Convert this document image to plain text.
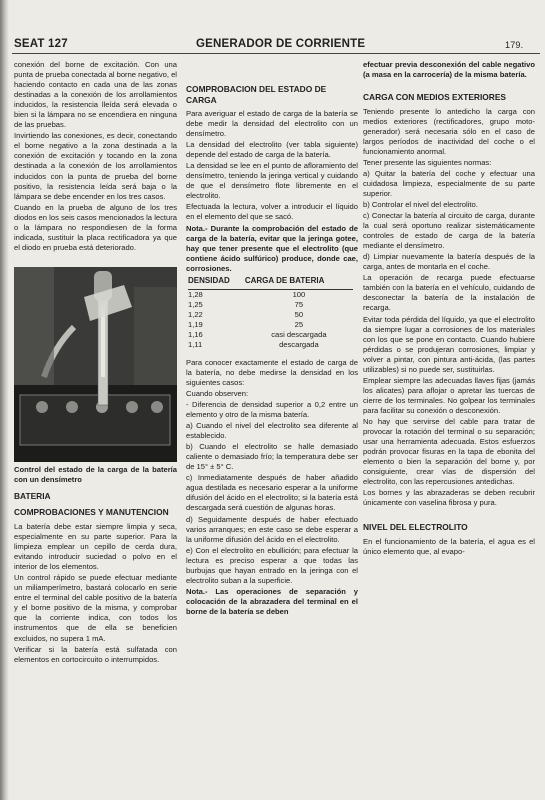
SEAT 127	GENERADOR DE CORRIENTE	179.

conexión del borne de excitación. Con una punta de prueba conectada al borne negativo, el haciendo contacto en cada una de las zonas destinadas a la conexión de los arrollamientos inducidos, la resistencia lleída será elevada o bien si la lámpara no se encendiera en ninguna de las pruebas.

Invirtiendo las conexiones, es decir, conectando el borne negativo a la zona destinada a la conexión de excitación y tocando en la zona destinada a la conexión de los arrollamientos inducidos con la punta de prueba del borne positivo, la resistencia leída será baja o la lámpara se debe encender en los tres casos.

Cuando en la prueba de alguno de los tres diodos en los seis casos mencionados la lectura o la lámpara no respondiesen de la forma indicada, sustituir la placa rectificadora ya que el diodo en prueba está deteriorado.

Control del estado de la carga de la batería con un densímetro

BATERIA
COMPROBACIONES Y MANUTENCION

La batería debe estar siempre limpia y seca, especialmente en su parte superior. Para la limpieza emplear un cepillo de cerda dura, evitando introducir suciedad o polvo en el interior de los elementos.

Un control rápido se puede efectuar mediante un miliamperímetro, bastará colocarlo en serie entre el terminal del cable positivo de la batería y el borne positivo de la misma, y comprobar que la corriente indica, con todos los instrumentos que de ella se beneficien excluidos, no supera 1 mA.

Verificar si la batería está sulfatada con elementos en cortocircuito o interrumpidos.

COMPROBACION DEL ESTADO DE CARGA

Para averiguar el estado de carga de la batería se debe medir la densidad del electrolito con un densímetro.

La densidad del electrolito (ver tabla siguiente) depende del estado de carga de la batería.

La densidad se lee en el punto de afloramiento del densímetro, teniendo la jeringa vertical y cuidando de que el densímetro flote libremente en el electrolito.

Efectuada la lectura, volver a introducir el líquido en el elemento del que se sacó.

Nota.- Durante la comprobación del estado de carga de la batería, evitar que la jeringa gotee, hay que tener presente que el electrolito (que contiene ácido sulfúrico) produce, donde cae, corrosiones.

DENSIDAD	CARGA DE BATERIA
1,28	100
1,25	75
1,22	50
1,19	25
1,16	casi descargada
1,11	descargada

Para conocer exactamente el estado de carga de la batería, no debe medirse la densidad en los siguientes casos:

Cuando observen:

- Diferencia de densidad superior a 0,2 entre un elemento y otro de la misma batería.
a) Cuando el nivel del electrolito sea diferente al establecido.
b) Cuando el electrolito se halle demasiado caliente o demasiado frío; la temperatura debe ser de 15° ± 5° C.
c) Inmediatamente después de haber añadido agua destilada es necesario esperar a la uniforme difusión del ácido en el electrolito; si la batería está descargada será cuestión de algunas horas.
d) Seguidamente después de haber efectuado varios arranques; en este caso se debe esperar a la uniforme difusión del ácido en el electrolito.
e) Con el electrolito en ebullición; para efectuar la lectura es preciso esperar a que todas las burbujas que hayan entrado en la jeringa con el electrolito suban a la superficie.

Nota.- Las operaciones de separación y colocación de la abrazadera del terminal en el borne de la batería se deben

efectuar previa desconexión del cable negativo (a masa en la carrocería) de la misma batería.

CARGA CON MEDIOS EXTERIORES

Teniendo presente lo antedicho la carga con medios exteriores (rectificadores, grupo moto-generador) será necesaria sólo en el caso de largos períodos de inactividad del coche o el funcionamiento anormal.

Tener presente las siguientes normas:

a) Quitar la batería del coche y efectuar una cuidadosa limpieza, especialmente de su parte superior.
b) Controlar el nivel del electrolito.
c) Conectar la batería al circuito de carga, durante la cual será oportuno realizar sistemáticamente controles de estado de carga de la batería mediante el densímetro.
d) Limpiar nuevamente la batería después de la carga, antes de montarla en el coche.

La operación de recarga puede efectuarse también con la batería en el vehículo, cuidando de desconectar la batería de la instalación de recarga.

Evitar toda pérdida del líquido, ya que el electrolito da siempre lugar a corrosiones de los materiales con los que se pone en contacto. Cuando hubiere pérdidas o se produjeran corrosiones, limpiar y volver a pintar, con pintura anti-ácida, (las partes utilizables) si no puede ser, sustituirlas.

Emplear siempre las adecuadas llaves fijas (jamás los alicates) para aflojar o apretar las tuercas de cierre de los terminales. No golpear los terminales para facilitar su conexión o desconexión.

No hay que servirse del cable para tratar de provocar la rotación del terminal o su separación; usar una herramienta adecuada. Estos esfuerzos podrán provocar fisuras en la tapa de ebonita del elemento o bien la separación del borne y, por consiguiente, crear vías de dispersión del electrolito, con las repercusiones antedichas.

Los bornes y las abrazaderas se deben recubrir únicamente con vaselina fibrosa y pura.

NIVEL DEL ELECTROLITO

En el funcionamiento de la batería, el agua es el único elemento que, al evapo-
